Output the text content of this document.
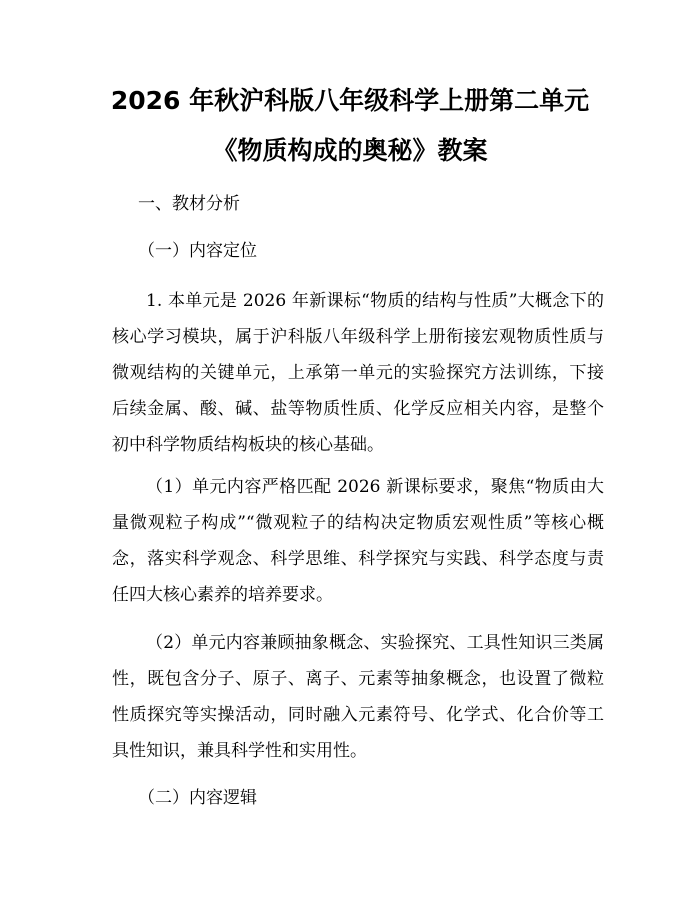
2026 年秋沪科版八年级科学上册第二单元
《物质构成的奥秘》教案
一、教材分析
（一）内容定位
1. 本单元是 2026 年新课标“物质的结构与性质”大概念下的核心学习模块，属于沪科版八年级科学上册衔接宏观物质性质与微观结构的关键单元，上承第一单元的实验探究方法训练，下接后续金属、酸、碱、盐等物质性质、化学反应相关内容，是整个初中科学物质结构板块的核心基础。
（1）单元内容严格匹配 2026 新课标要求，聚焦“物质由大量微观粒子构成”“微观粒子的结构决定物质宏观性质”等核心概念，落实科学观念、科学思维、科学探究与实践、科学态度与责任四大核心素养的培养要求。
（2）单元内容兼顾抽象概念、实验探究、工具性知识三类属性，既包含分子、原子、离子、元素等抽象概念，也设置了微粒性质探究等实操活动，同时融入元素符号、化学式、化合价等工具性知识，兼具科学性和实用性。
（二）内容逻辑
